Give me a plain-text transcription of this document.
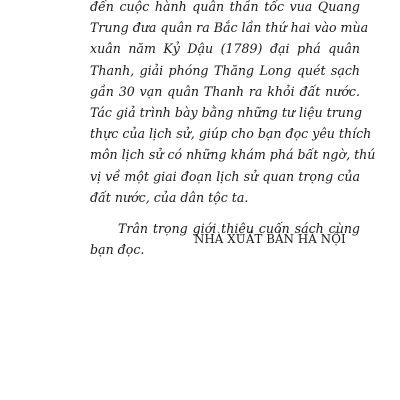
đến cuộc hành quân thần tốc vua Quang
Trung đưa quân ra Bắc lần thứ hai vào mùa
xuân năm Kỷ Dậu (1789) đại phá quân
Thanh, giải phóng Thăng Long quét sạch
gần 30 vạn quân Thanh ra khỏi đất nước.
Tác giả trình bày bằng những tư liệu trung
thực của lịch sử, giúp cho bạn đọc yêu thích
môn lịch sử có những khám phá bất ngờ, thú
vị về một giai đoạn lịch sử quan trọng của
đất nước, của dân tộc ta.
Trân trọng giới thiệu cuốn sách cùng
bạn đọc.
NHÀ XUẤT BẢN HÀ NỘI
